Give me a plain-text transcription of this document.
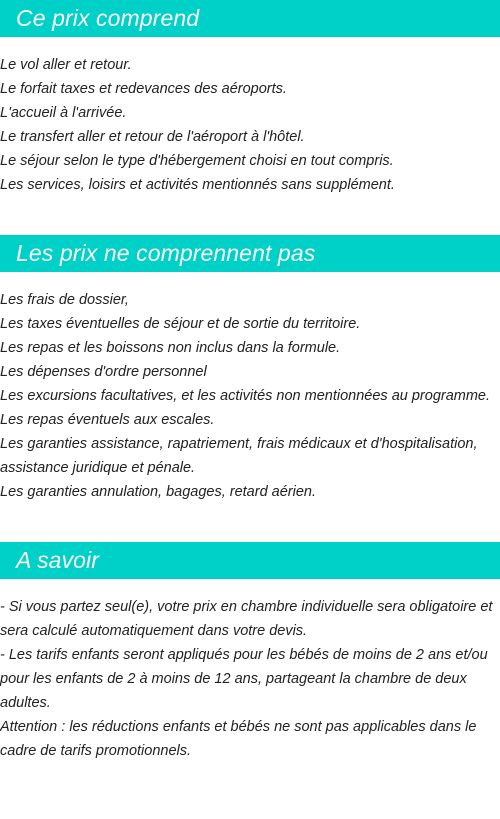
Ce prix comprend
Le vol aller et retour.
Le forfait taxes et redevances des aéroports.
L'accueil à l'arrivée.
Le transfert aller et retour de l'aéroport à l'hôtel.
Le séjour selon le type d'hébergement choisi en tout compris.
Les services, loisirs et activités mentionnés sans supplément.
Les prix ne comprennent pas
Les frais de dossier,
Les taxes éventuelles de séjour et de sortie du territoire.
Les repas et les boissons non inclus dans la formule.
Les dépenses d'ordre personnel
Les excursions facultatives, et les activités non mentionnées au programme.
Les repas éventuels aux escales.
Les garanties assistance, rapatriement, frais médicaux et d'hospitalisation, assistance juridique et pénale.
Les garanties annulation, bagages, retard aérien.
A savoir
- Si vous partez seul(e), votre prix en chambre individuelle sera obligatoire et sera calculé automatiquement dans votre devis.
- Les tarifs enfants seront appliqués pour les bébés de moins de 2 ans et/ou pour les enfants de 2 à moins de 12 ans, partageant la chambre de deux adultes.
Attention : les réductions enfants et bébés ne sont pas applicables dans le cadre de tarifs promotionnels.
